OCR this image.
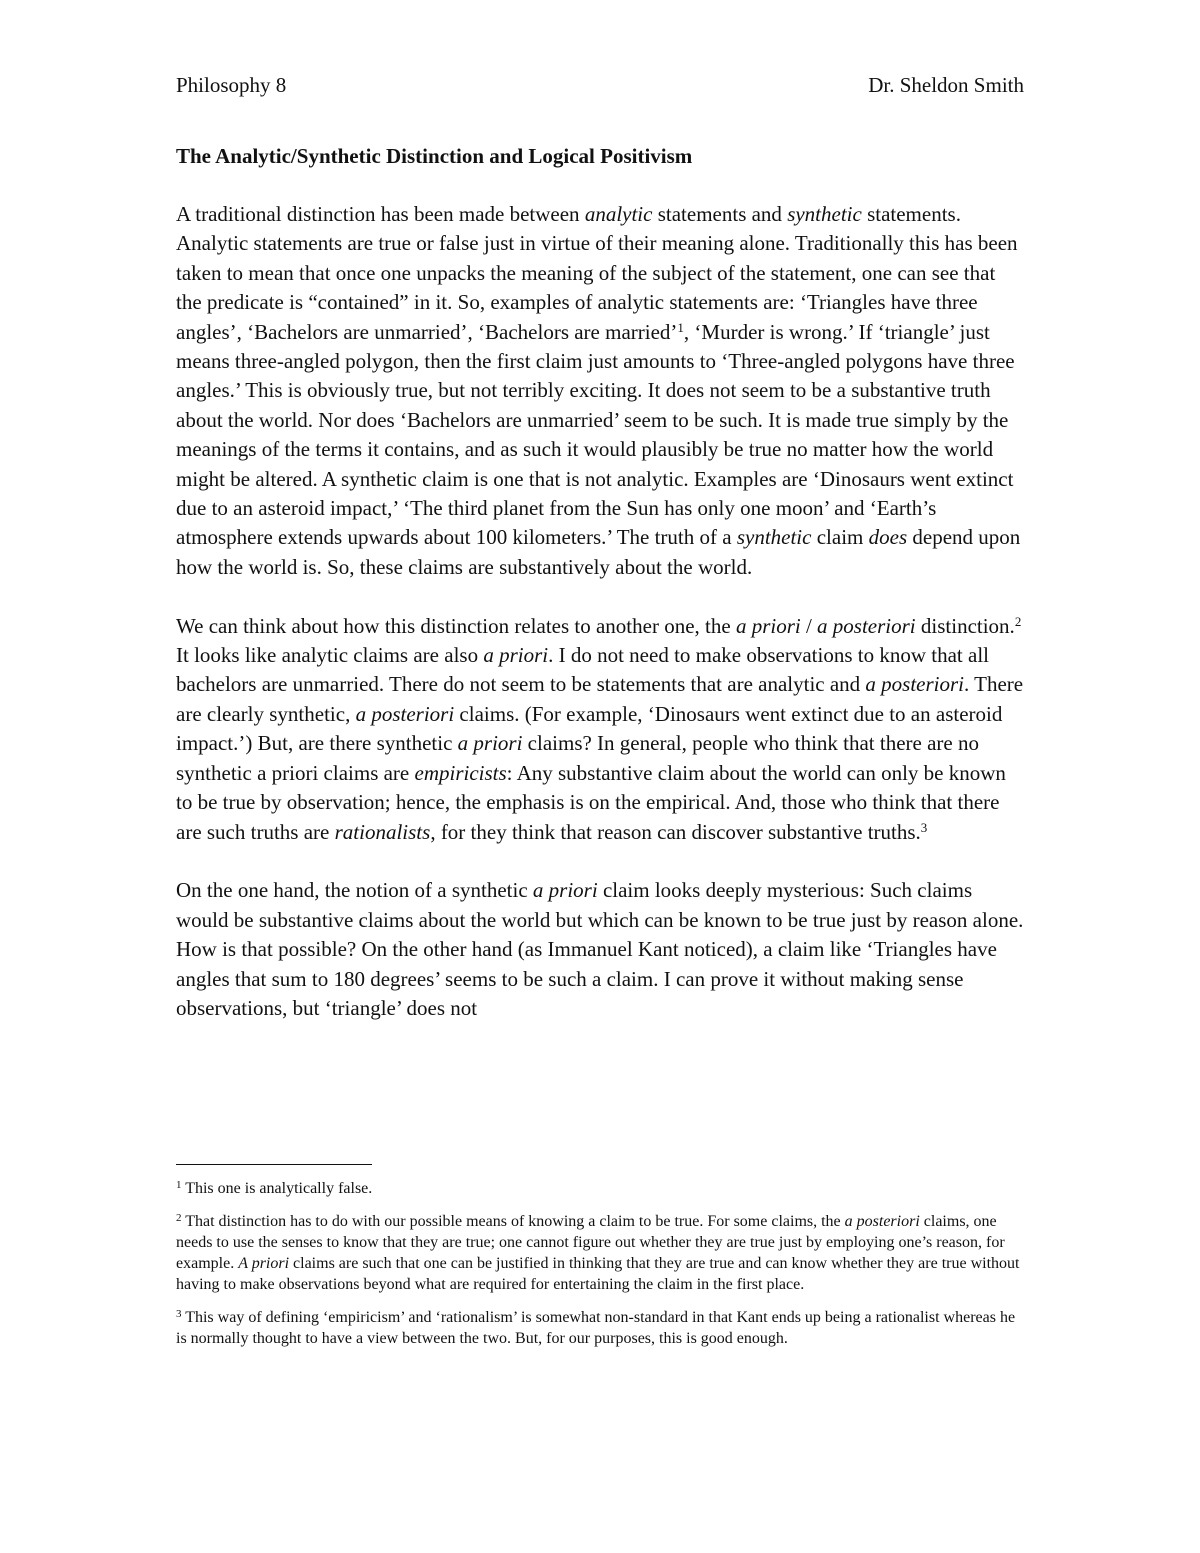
Philosophy 8	Dr. Sheldon Smith
The Analytic/Synthetic Distinction and Logical Positivism

A traditional distinction has been made between analytic statements and synthetic statements. Analytic statements are true or false just in virtue of their meaning alone. Traditionally this has been taken to mean that once one unpacks the meaning of the subject of the statement, one can see that the predicate is “contained” in it. So, examples of analytic statements are: ‘Triangles have three angles’, ‘Bachelors are unmarried’, ‘Bachelors are married’$^1$, ‘Murder is wrong.’ If ‘triangle’ just means three-angled polygon, then the first claim just amounts to ‘Three-angled polygons have three angles.’ This is obviously true, but not terribly exciting. It does not seem to be a substantive truth about the world. Nor does ‘Bachelors are unmarried’ seem to be such. It is made true simply by the meanings of the terms it contains, and as such it would plausibly be true no matter how the world might be altered. A synthetic claim is one that is not analytic. Examples are ‘Dinosaurs went extinct due to an asteroid impact,’ ‘The third planet from the Sun has only one moon’ and ‘Earth’s atmosphere extends upwards about 100 kilometers.’ The truth of a synthetic claim does depend upon how the world is. So, these claims are substantively about the world.

We can think about how this distinction relates to another one, the a priori / a posteriori distinction.$^2$ It looks like analytic claims are also a priori. I do not need to make observations to know that all bachelors are unmarried. There do not seem to be statements that are analytic and a posteriori. There are clearly synthetic, a posteriori claims. (For example, ‘Dinosaurs went extinct due to an asteroid impact.’) But, are there synthetic a priori claims? In general, people who think that there are no synthetic a priori claims are empiricists: Any substantive claim about the world can only be known to be true by observation; hence, the emphasis is on the empirical. And, those who think that there are such truths are rationalists, for they think that reason can discover substantive truths.$^3$

On the one hand, the notion of a synthetic a priori claim looks deeply mysterious: Such claims would be substantive claims about the world but which can be known to be true just by reason alone. How is that possible? On the other hand (as Immanuel Kant noticed), a claim like ‘Triangles have angles that sum to 180 degrees’ seems to be such a claim. I can prove it without making sense observations, but ‘triangle’ does not

$^1$ This one is analytically false.

$^2$ That distinction has to do with our possible means of knowing a claim to be true. For some claims, the a posteriori claims, one needs to use the senses to know that they are true; one cannot figure out whether they are true just by employing one’s reason, for example. A priori claims are such that one can be justified in thinking that they are true and can know whether they are true without having to make observations beyond what are required for entertaining the claim in the first place.

$^3$ This way of defining ‘empiricism’ and ‘rationalism’ is somewhat non-standard in that Kant ends up being a rationalist whereas he is normally thought to have a view between the two. But, for our purposes, this is good enough.
